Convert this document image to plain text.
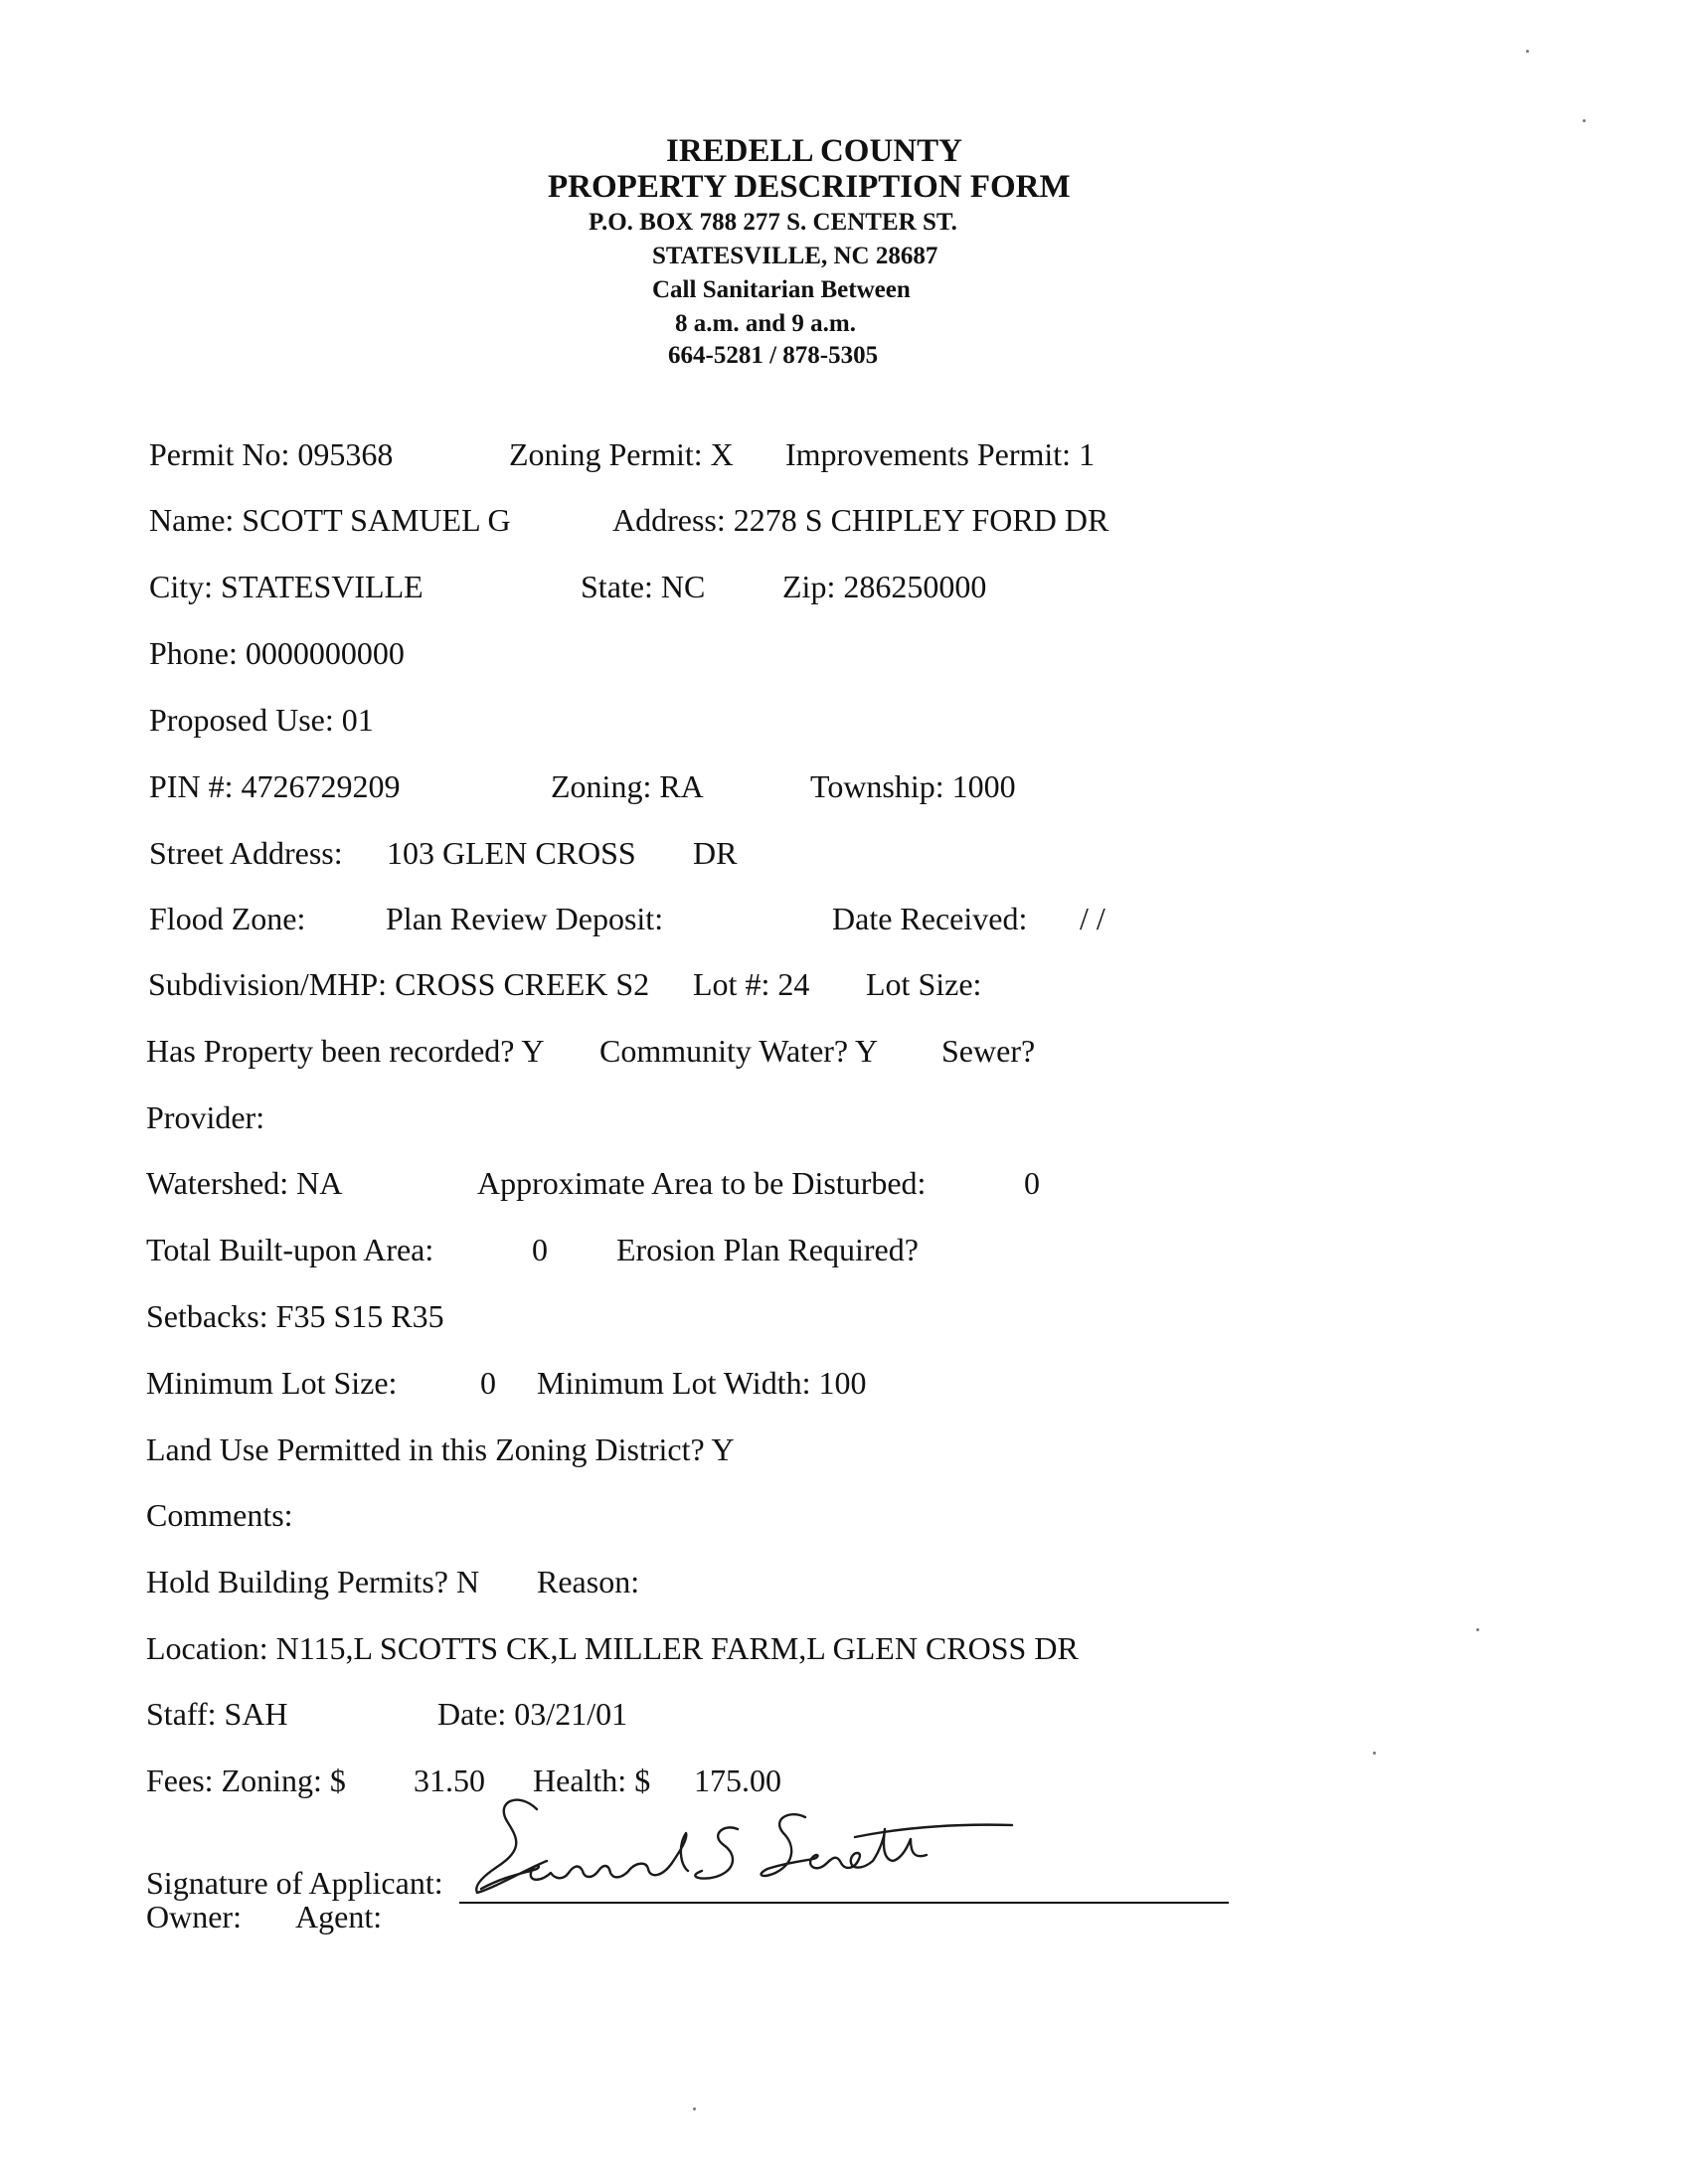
IREDELL COUNTY
PROPERTY DESCRIPTION FORM
P.O. BOX 788 277 S. CENTER ST.
STATESVILLE, NC 28687
Call Sanitarian Between
8 a.m. and 9 a.m.
664-5281 / 878-5305
Permit No: 095368	Zoning Permit: X Improvements Permit: 1
Name: SCOTT SAMUEL G	Address: 2278 S CHIPLEY FORD DR
City: STATESVILLE	State: NC Zip: 286250000
Phone: 0000000000
Proposed Use: 01
PIN #: 4726729209	Zoning: RA	Township: 1000
Street Address: 103 GLEN CROSS DR
Flood Zone:	Plan Review Deposit:	Date Received: / /
Subdivision/MHP: CROSS CREEK S2 Lot #: 24 Lot Size:
Has Property been recorded? Y Community Water? Y Sewer?
Provider:
Watershed: NA	Approximate Area to be Disturbed:	0
Total Built-upon Area:	0 Erosion Plan Required?
Setbacks: F35 S15 R35
Minimum Lot Size:	0 Minimum Lot Width: 100
Land Use Permitted in this Zoning District? Y
Comments:
Hold Building Permits? N Reason:
Location: N115,L SCOTTS CK,L MILLER FARM,L GLEN CROSS DR
Staff: SAH	Date: 03/21/01
Fees: Zoning: $ 31.50 Health: $ 175.00
Signature of Applicant:
Owner: Agent:
